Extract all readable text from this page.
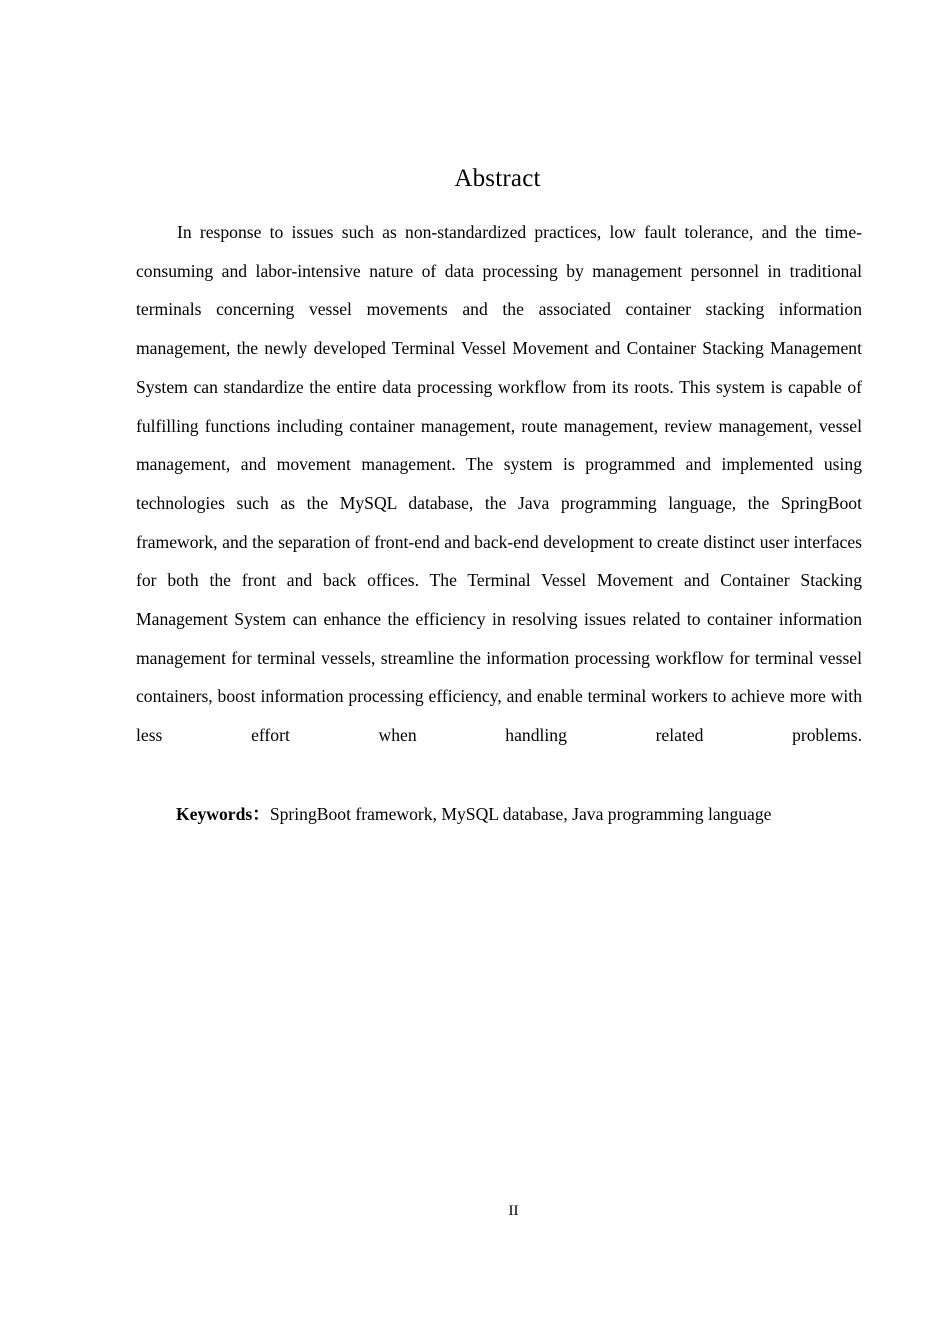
Abstract

In response to issues such as non-standardized practices, low fault tolerance, and the time-consuming and labor-intensive nature of data processing by management personnel in traditional terminals concerning vessel movements and the associated container stacking information management, the newly developed Terminal Vessel Movement and Container Stacking Management System can standardize the entire data processing workflow from its roots. This system is capable of fulfilling functions including container management, route management, review management, vessel management, and movement management. The system is programmed and implemented using technologies such as the MySQL database, the Java programming language, the SpringBoot framework, and the separation of front-end and back-end development to create distinct user interfaces for both the front and back offices. The Terminal Vessel Movement and Container Stacking Management System can enhance the efficiency in resolving issues related to container information management for terminal vessels, streamline the information processing workflow for terminal vessel containers, boost information processing efficiency, and enable terminal workers to achieve more with less effort when handling related problems.

Keywords：SpringBoot framework, MySQL database, Java programming language
II
